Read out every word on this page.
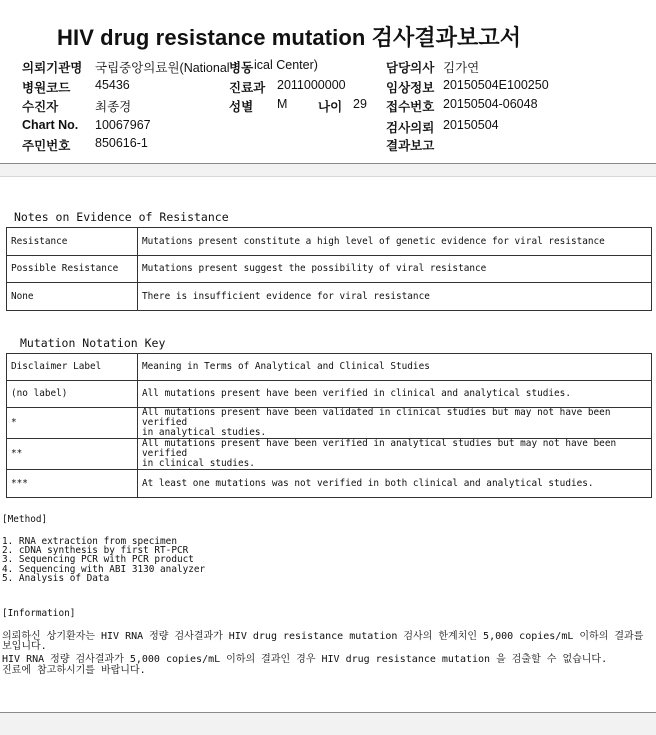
HIV drug resistance mutation 검사결과보고서
의뢰기관명 국립중앙의료원(National 병동 ical Center)	담당의사 김가연
병원코드 45436	진료과 2011000000	임상정보 20150504E100250
수진자	최종경	성별 M 나이 29 접수번호 20150504-06048
Chart No. 10067967	검사의뢰 20150504
주민번호 850616-1	결과보고
Notes on Evidence of Resistance
Resistance	Mutations present constitute a high level of genetic evidence for viral resistance
Possible Resistance	Mutations present suggest the possibility of viral resistance
None	There is insufficient evidence for viral resistance
Mutation Notation Key
Disclaimer Label	Meaning in Terms of Analytical and Clinical Studies
(no label)	All mutations present have been verified in clinical and analytical studies.

*	All mutations present have been validated in clinical studies but may not have been verified
in analytical studies.

**	All mutations present have been verified in analytical studies but may not have been verified
in clinical studies.

***	At least one mutations was not verified in both clinical and analytical studies.
[Method]
1. RNA extraction from specimen
2. cDNA synthesis by first RT-PCR
3. Sequencing PCR with PCR product
4. Sequencing with ABI 3130 analyzer
5. Analysis of Data
[Information]
의뢰하신 상기환자는 HIV RNA 정량 검사결과가 HIV drug resistance mutation 검사의 한계치인 5,000 copies/mL 이하의 결과를
보입니다.
HIV RNA 정량 검사결과가 5,000 copies/mL 이하의 결과인 경우 HIV drug resistance mutation 을 검출할 수 없습니다.
진료에 참고하시기를 바랍니다.
